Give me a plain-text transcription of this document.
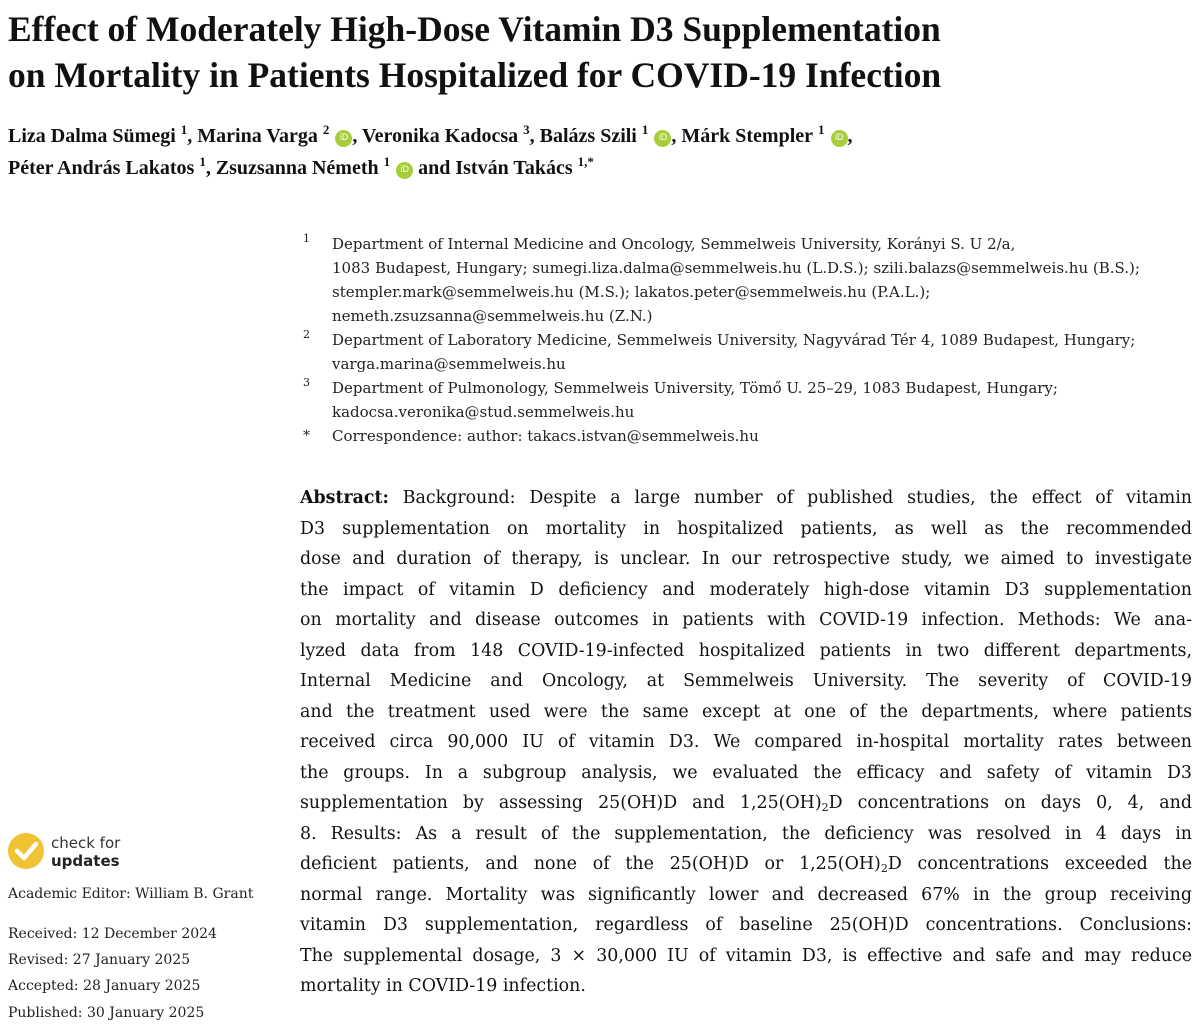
Effect of Moderately High-Dose Vitamin D3 Supplementation
on Mortality in Patients Hospitalized for COVID-19 Infection
Liza Dalma Sümegi $^1$, Marina Varga $^2$ iD , Veronika Kadocsa $^3$, Balázs Szili $^1$ iD , Márk Stempler $^1$ iD ,
Péter András Lakatos $^1$, Zsuzsanna Németh $^1$ iD and István Takács $^{1,*}$
1 Department of Internal Medicine and Oncology, Semmelweis University, Korányi S. U 2/a,
1083 Budapest, Hungary; sumegi.liza.dalma@semmelweis.hu (L.D.S.); szili.balazs@semmelweis.hu (B.S.);
stempler.mark@semmelweis.hu (M.S.); lakatos.peter@semmelweis.hu (P.A.L.);
nemeth.zsuzsanna@semmelweis.hu (Z.N.)
2 Department of Laboratory Medicine, Semmelweis University, Nagyvárad Tér 4, 1089 Budapest, Hungary;
varga.marina@semmelweis.hu
3 Department of Pulmonology, Semmelweis University, Tömő U. 25–29, 1083 Budapest, Hungary;
kadocsa.veronika@stud.semmelweis.hu
* Correspondence: author: takacs.istvan@semmelweis.hu
Abstract: Background: Despite a large number of published studies, the effect of vitamin
D3 supplementation on mortality in hospitalized patients, as well as the recommended
dose and duration of therapy, is unclear. In our retrospective study, we aimed to investigate
the impact of vitamin D deficiency and moderately high-dose vitamin D3 supplementation
on mortality and disease outcomes in patients with COVID-19 infection. Methods: We ana-
lyzed data from 148 COVID-19-infected hospitalized patients in two different departments,
Internal Medicine and Oncology, at Semmelweis University. The severity of COVID-19
and the treatment used were the same except at one of the departments, where patients
received circa 90,000 IU of vitamin D3. We compared in-hospital mortality rates between
the groups. In a subgroup analysis, we evaluated the efficacy and safety of vitamin D3
supplementation by assessing 25(OH)D and $1,25(OH)_2D$ concentrations on days 0, 4, and
8. Results: As a result of the supplementation, the deficiency was resolved in 4 days in
deficient patients, and none of the 25(OH)D or $1,25(OH)_2D$ concentrations exceeded the
normal range. Mortality was significantly lower and decreased 67% in the group receiving
vitamin D3 supplementation, regardless of baseline 25(OH)D concentrations. Conclusions:
The supplemental dosage, 3 × 30,000 IU of vitamin D3, is effective and safe and may reduce
mortality in COVID-19 infection.
check for
updates
Academic Editor: William B. Grant
Received: 12 December 2024
Revised: 27 January 2025
Accepted: 28 January 2025
Published: 30 January 2025
